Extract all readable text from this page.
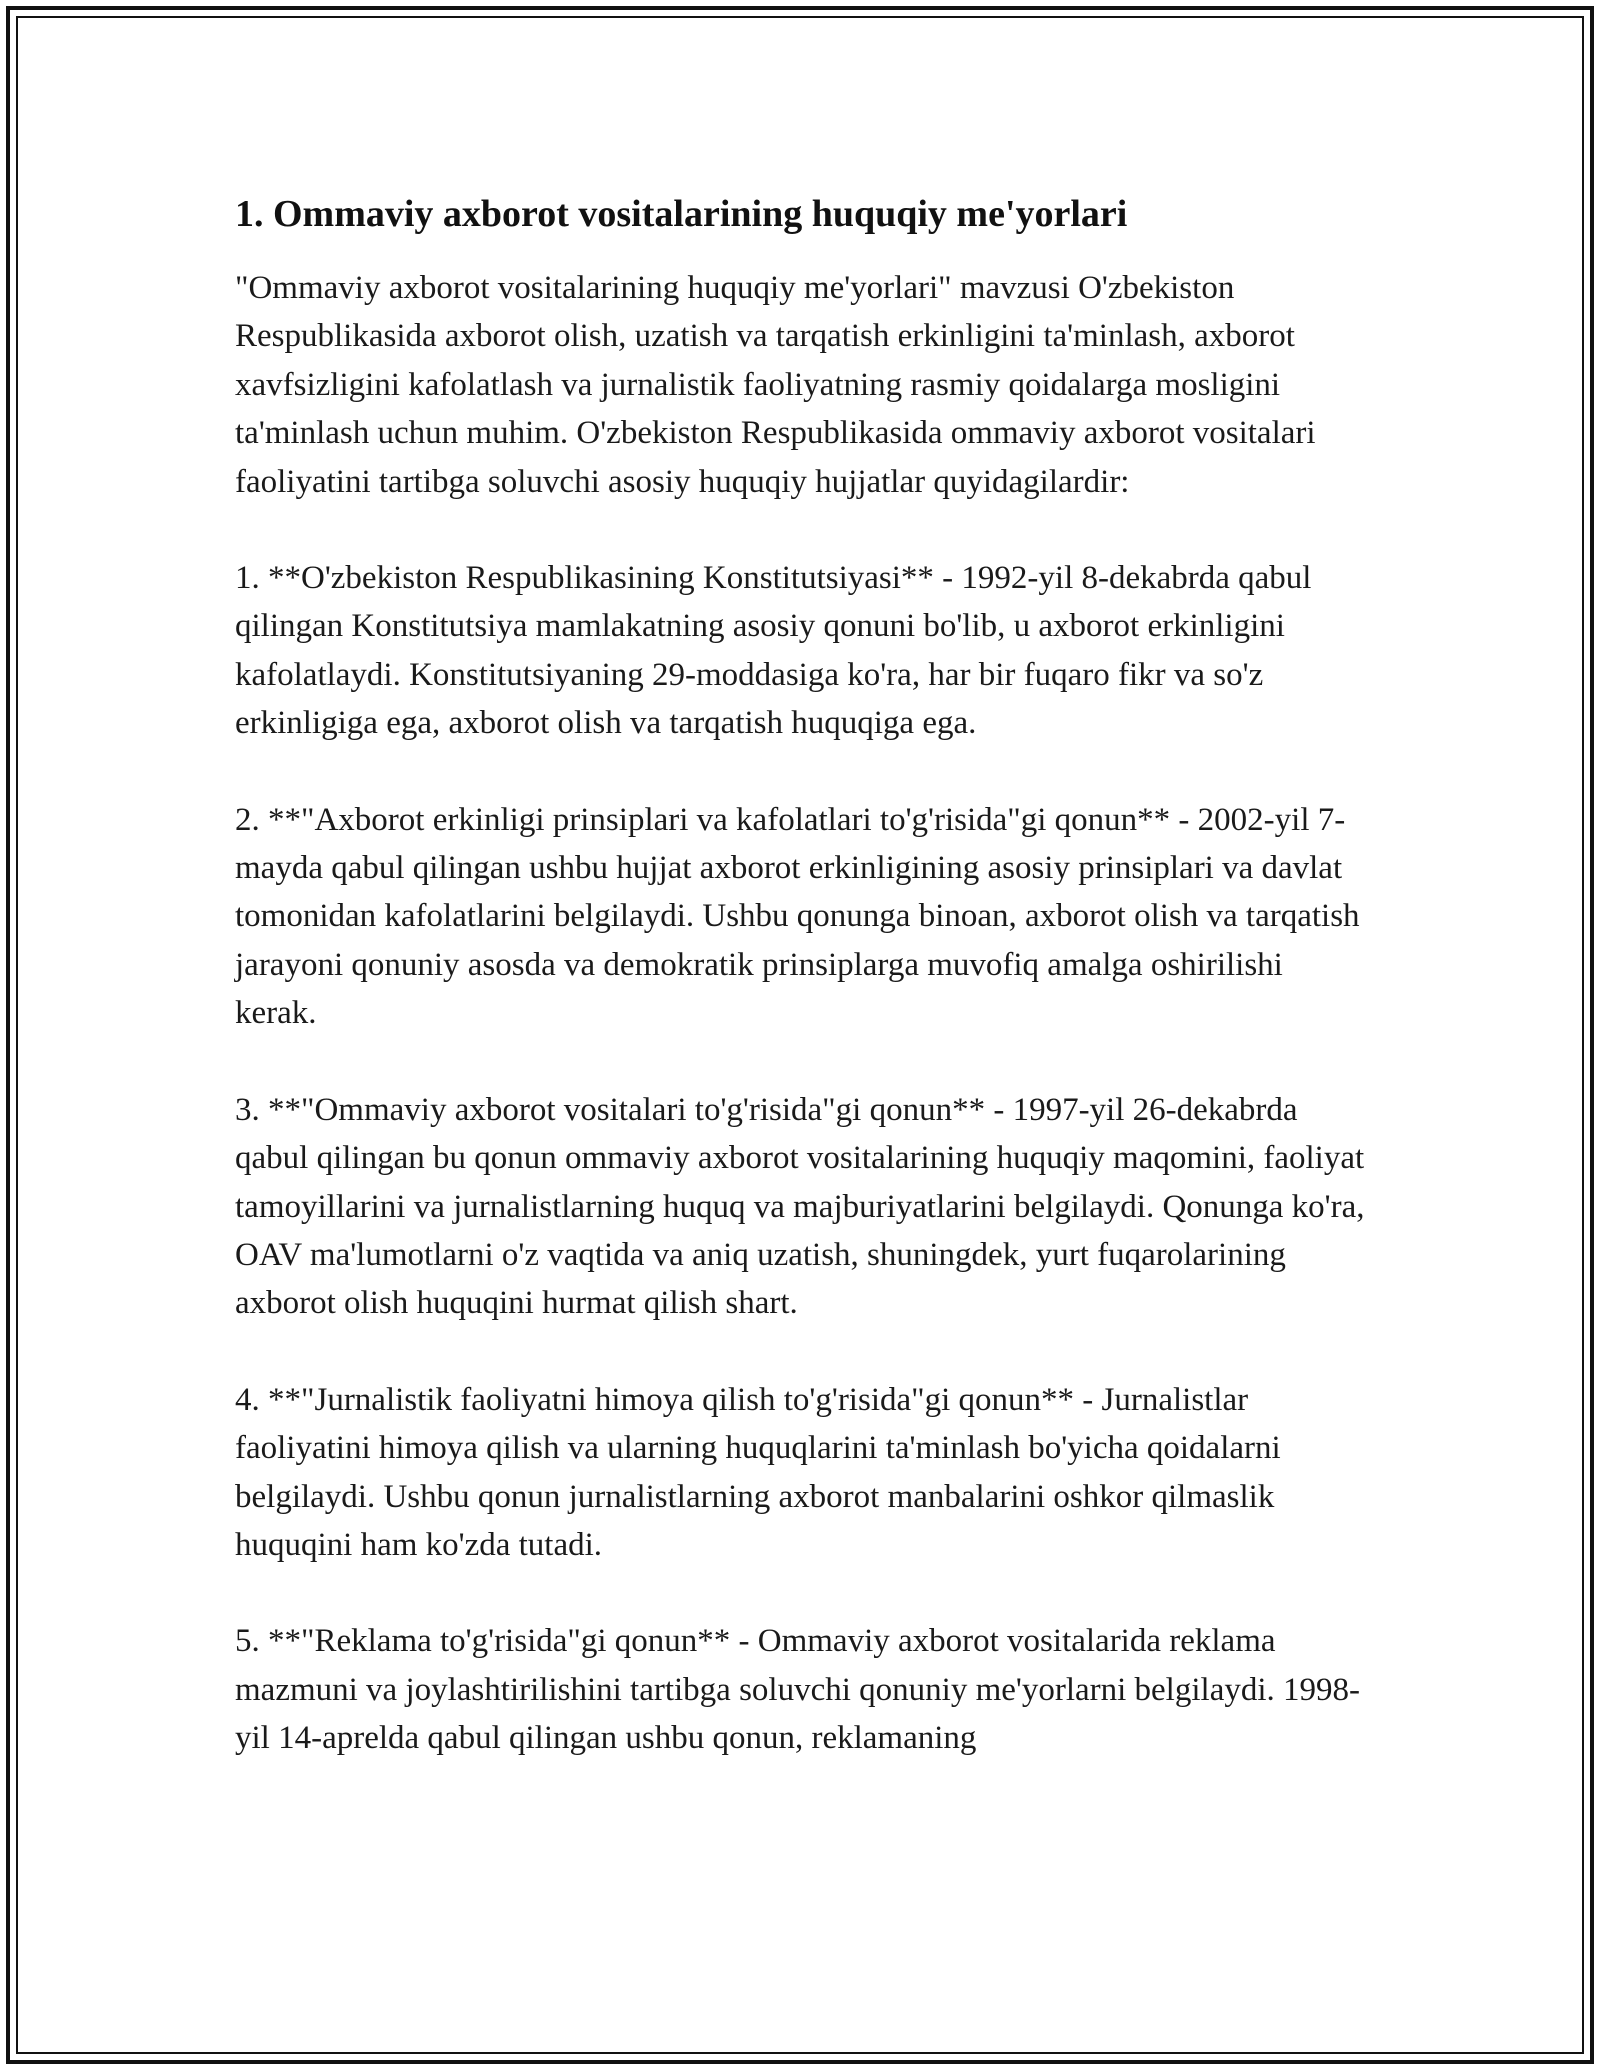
1. Ommaviy axborot vositalarining huquqiy me'yorlari

"Ommaviy axborot vositalarining huquqiy me'yorlari" mavzusi O'zbekiston Respublikasida axborot olish, uzatish va tarqatish erkinligini ta'minlash, axborot xavfsizligini kafolatlash va jurnalistik faoliyatning rasmiy qoidalarga mosligini ta'minlash uchun muhim. O'zbekiston Respublikasida ommaviy axborot vositalari faoliyatini tartibga soluvchi asosiy huquqiy hujjatlar quyidagilardir:

1. **O'zbekiston Respublikasining Konstitutsiyasi** - 1992-yil 8-dekabrda qabul qilingan Konstitutsiya mamlakatning asosiy qonuni bo'lib, u axborot erkinligini kafolatlaydi. Konstitutsiyaning 29-moddasiga ko'ra, har bir fuqaro fikr va so'z erkinligiga ega, axborot olish va tarqatish huquqiga ega.

2. **"Axborot erkinligi prinsiplari va kafolatlari to'g'risida"gi qonun** - 2002-yil 7-mayda qabul qilingan ushbu hujjat axborot erkinligining asosiy prinsiplari va davlat tomonidan kafolatlarini belgilaydi. Ushbu qonunga binoan, axborot olish va tarqatish jarayoni qonuniy asosda va demokratik prinsiplarga muvofiq amalga oshirilishi kerak.

3. **"Ommaviy axborot vositalari to'g'risida"gi qonun** - 1997-yil 26-dekabrda qabul qilingan bu qonun ommaviy axborot vositalarining huquqiy maqomini, faoliyat tamoyillarini va jurnalistlarning huquq va majburiyatlarini belgilaydi. Qonunga ko'ra, OAV ma'lumotlarni o'z vaqtida va aniq uzatish, shuningdek, yurt fuqarolarining axborot olish huquqini hurmat qilish shart.

4. **"Jurnalistik faoliyatni himoya qilish to'g'risida"gi qonun** - Jurnalistlar faoliyatini himoya qilish va ularning huquqlarini ta'minlash bo'yicha qoidalarni belgilaydi. Ushbu qonun jurnalistlarning axborot manbalarini oshkor qilmaslik huquqini ham ko'zda tutadi.

5. **"Reklama to'g'risida"gi qonun** - Ommaviy axborot vositalarida reklama mazmuni va joylashtirilishini tartibga soluvchi qonuniy me'yorlarni belgilaydi. 1998-yil 14-aprelda qabul qilingan ushbu qonun, reklamaning
